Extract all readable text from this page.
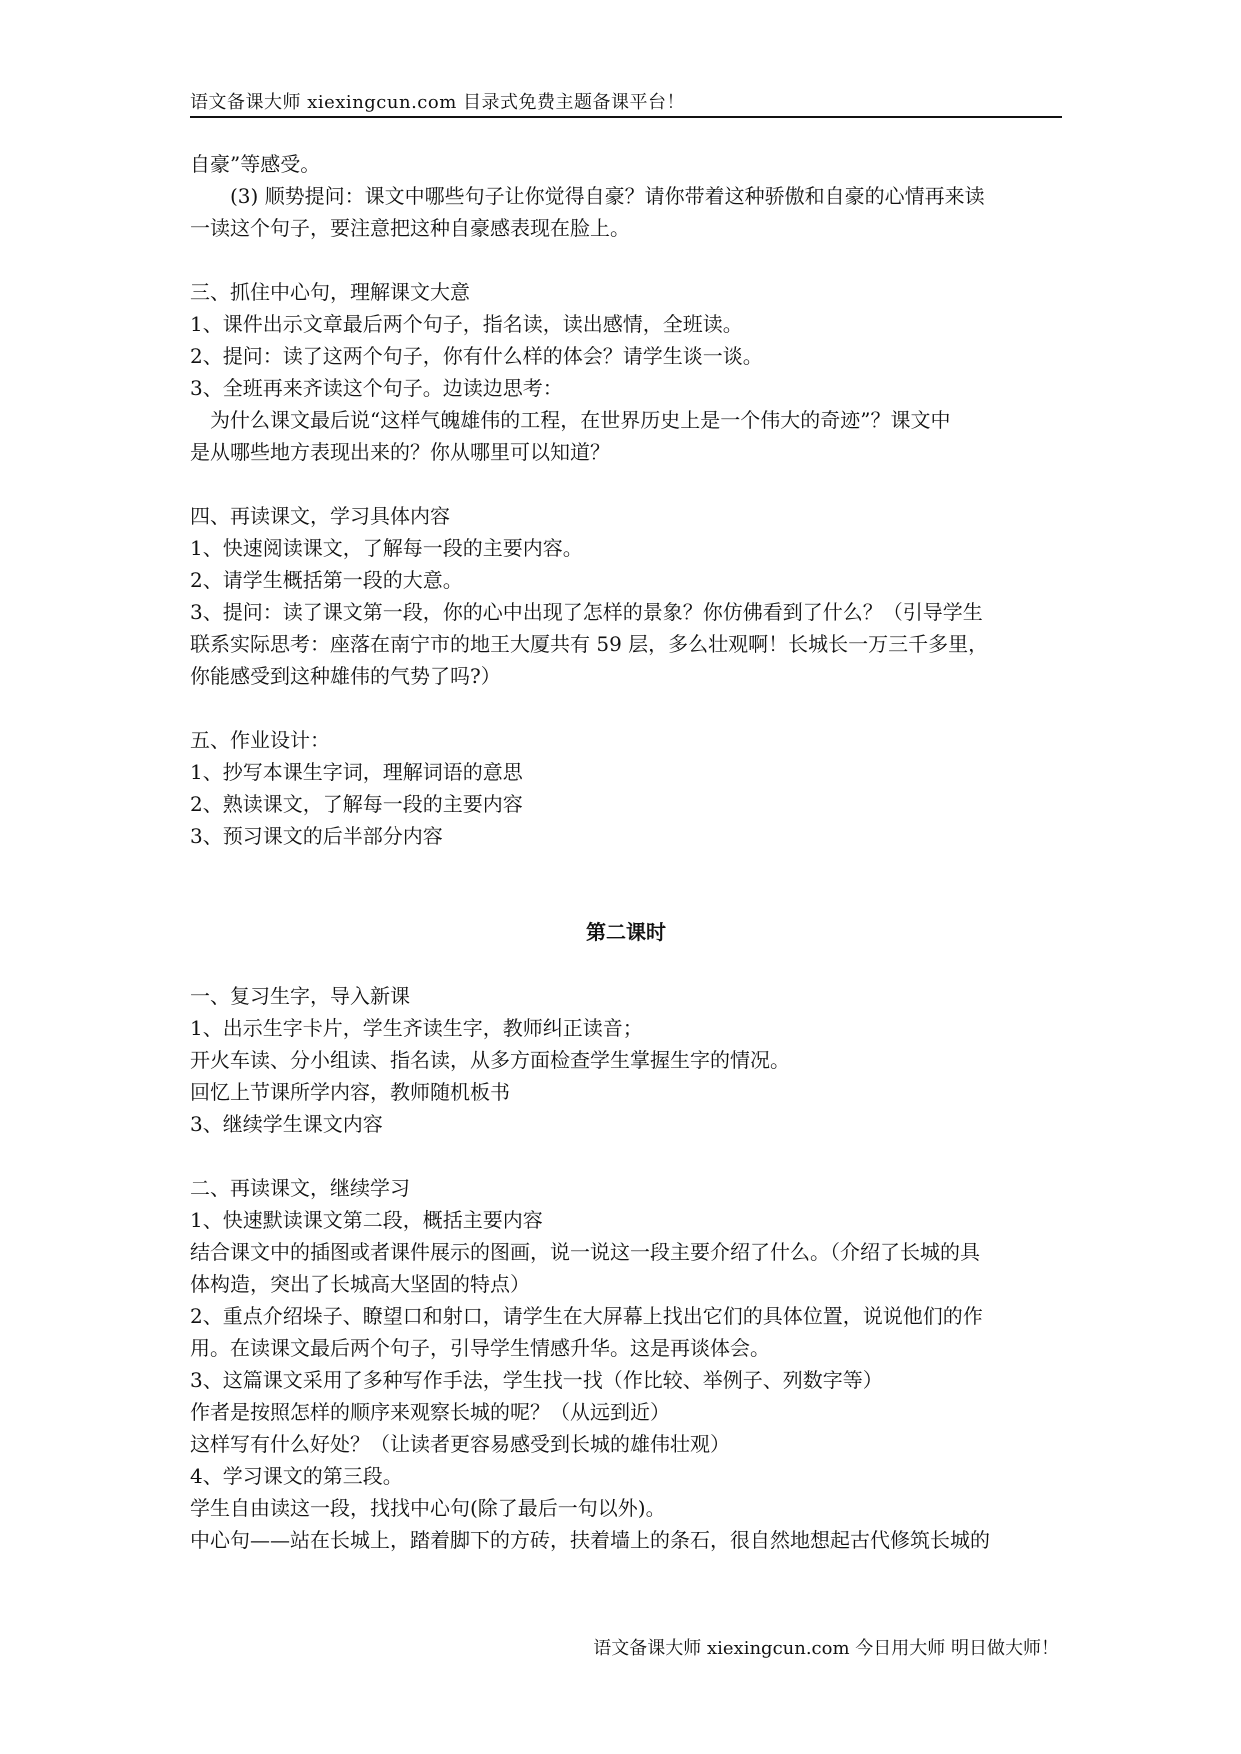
语文备课大师 xiexingcun.com 目录式免费主题备课平台！
自豪”等感受。
(3) 顺势提问：课文中哪些句子让你觉得自豪？请你带着这种骄傲和自豪的心情再来读
一读这个句子，要注意把这种自豪感表现在脸上。
三、抓住中心句，理解课文大意
1、课件出示文章最后两个句子，指名读，读出感情，全班读。
2、提问：读了这两个句子，你有什么样的体会？请学生谈一谈。
3、全班再来齐读这个句子。边读边思考：
为什么课文最后说“这样气魄雄伟的工程，在世界历史上是一个伟大的奇迹”？课文中
是从哪些地方表现出来的？你从哪里可以知道？
四、再读课文，学习具体内容
1、快速阅读课文，了解每一段的主要内容。
2、请学生概括第一段的大意。
3、提问：读了课文第一段，你的心中出现了怎样的景象？你仿佛看到了什么？（引导学生
联系实际思考：座落在南宁市的地王大厦共有 59 层，多么壮观啊！长城长一万三千多里，
你能感受到这种雄伟的气势了吗?）
五、作业设计：
1、抄写本课生字词，理解词语的意思
2、熟读课文，了解每一段的主要内容
3、预习课文的后半部分内容
第二课时
一、复习生字，导入新课
1、出示生字卡片，学生齐读生字，教师纠正读音；
开火车读、分小组读、指名读，从多方面检查学生掌握生字的情况。
回忆上节课所学内容，教师随机板书
3、继续学生课文内容
二、再读课文，继续学习
1、快速默读课文第二段，概括主要内容
结合课文中的插图或者课件展示的图画，说一说这一段主要介绍了什么。（介绍了长城的具
体构造，突出了长城高大坚固的特点）
2、重点介绍垛子、瞭望口和射口，请学生在大屏幕上找出它们的具体位置，说说他们的作
用。在读课文最后两个句子，引导学生情感升华。这是再谈体会。
3、这篇课文采用了多种写作手法，学生找一找（作比较、举例子、列数字等）
作者是按照怎样的顺序来观察长城的呢？（从远到近）
这样写有什么好处？（让读者更容易感受到长城的雄伟壮观）
4、学习课文的第三段。
学生自由读这一段，找找中心句(除了最后一句以外)。
中心句——站在长城上，踏着脚下的方砖，扶着墙上的条石，很自然地想起古代修筑长城的
语文备课大师 xiexingcun.com 今日用大师 明日做大师！
